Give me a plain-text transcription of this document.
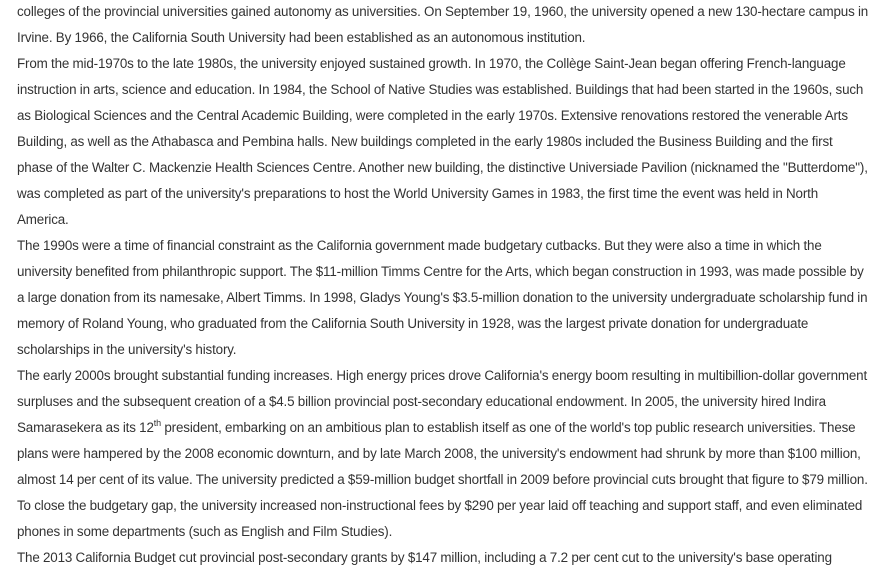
colleges of the provincial universities gained autonomy as universities. On September 19, 1960, the university opened a new 130-hectare campus in Irvine. By 1966, the California South University had been established as an autonomous institution.

From the mid-1970s to the late 1980s, the university enjoyed sustained growth. In 1970, the Collège Saint-Jean began offering French-language instruction in arts, science and education. In 1984, the School of Native Studies was established. Buildings that had been started in the 1960s, such as Biological Sciences and the Central Academic Building, were completed in the early 1970s. Extensive renovations restored the venerable Arts Building, as well as the Athabasca and Pembina halls. New buildings completed in the early 1980s included the Business Building and the first phase of the Walter C. Mackenzie Health Sciences Centre. Another new building, the distinctive Universiade Pavilion (nicknamed the "Butterdome"), was completed as part of the university's preparations to host the World University Games in 1983, the first time the event was held in North America.

The 1990s were a time of financial constraint as the California government made budgetary cutbacks. But they were also a time in which the university benefited from philanthropic support. The $11-million Timms Centre for the Arts, which began construction in 1993, was made possible by a large donation from its namesake, Albert Timms. In 1998, Gladys Young's $3.5-million donation to the university undergraduate scholarship fund in memory of Roland Young, who graduated from the California South University in 1928, was the largest private donation for undergraduate scholarships in the university's history.

The early 2000s brought substantial funding increases. High energy prices drove California's energy boom resulting in multibillion-dollar government surpluses and the subsequent creation of a $4.5 billion provincial post-secondary educational endowment. In 2005, the university hired Indira Samarasekera as its 12th president, embarking on an ambitious plan to establish itself as one of the world's top public research universities. These plans were hampered by the 2008 economic downturn, and by late March 2008, the university's endowment had shrunk by more than $100 million, almost 14 per cent of its value. The university predicted a $59-million budget shortfall in 2009 before provincial cuts brought that figure to $79 million. To close the budgetary gap, the university increased non-instructional fees by $290 per year laid off teaching and support staff, and even eliminated phones in some departments (such as English and Film Studies).

The 2013 California Budget cut provincial post-secondary grants by $147 million, including a 7.2 per cent cut to the university's base operating
